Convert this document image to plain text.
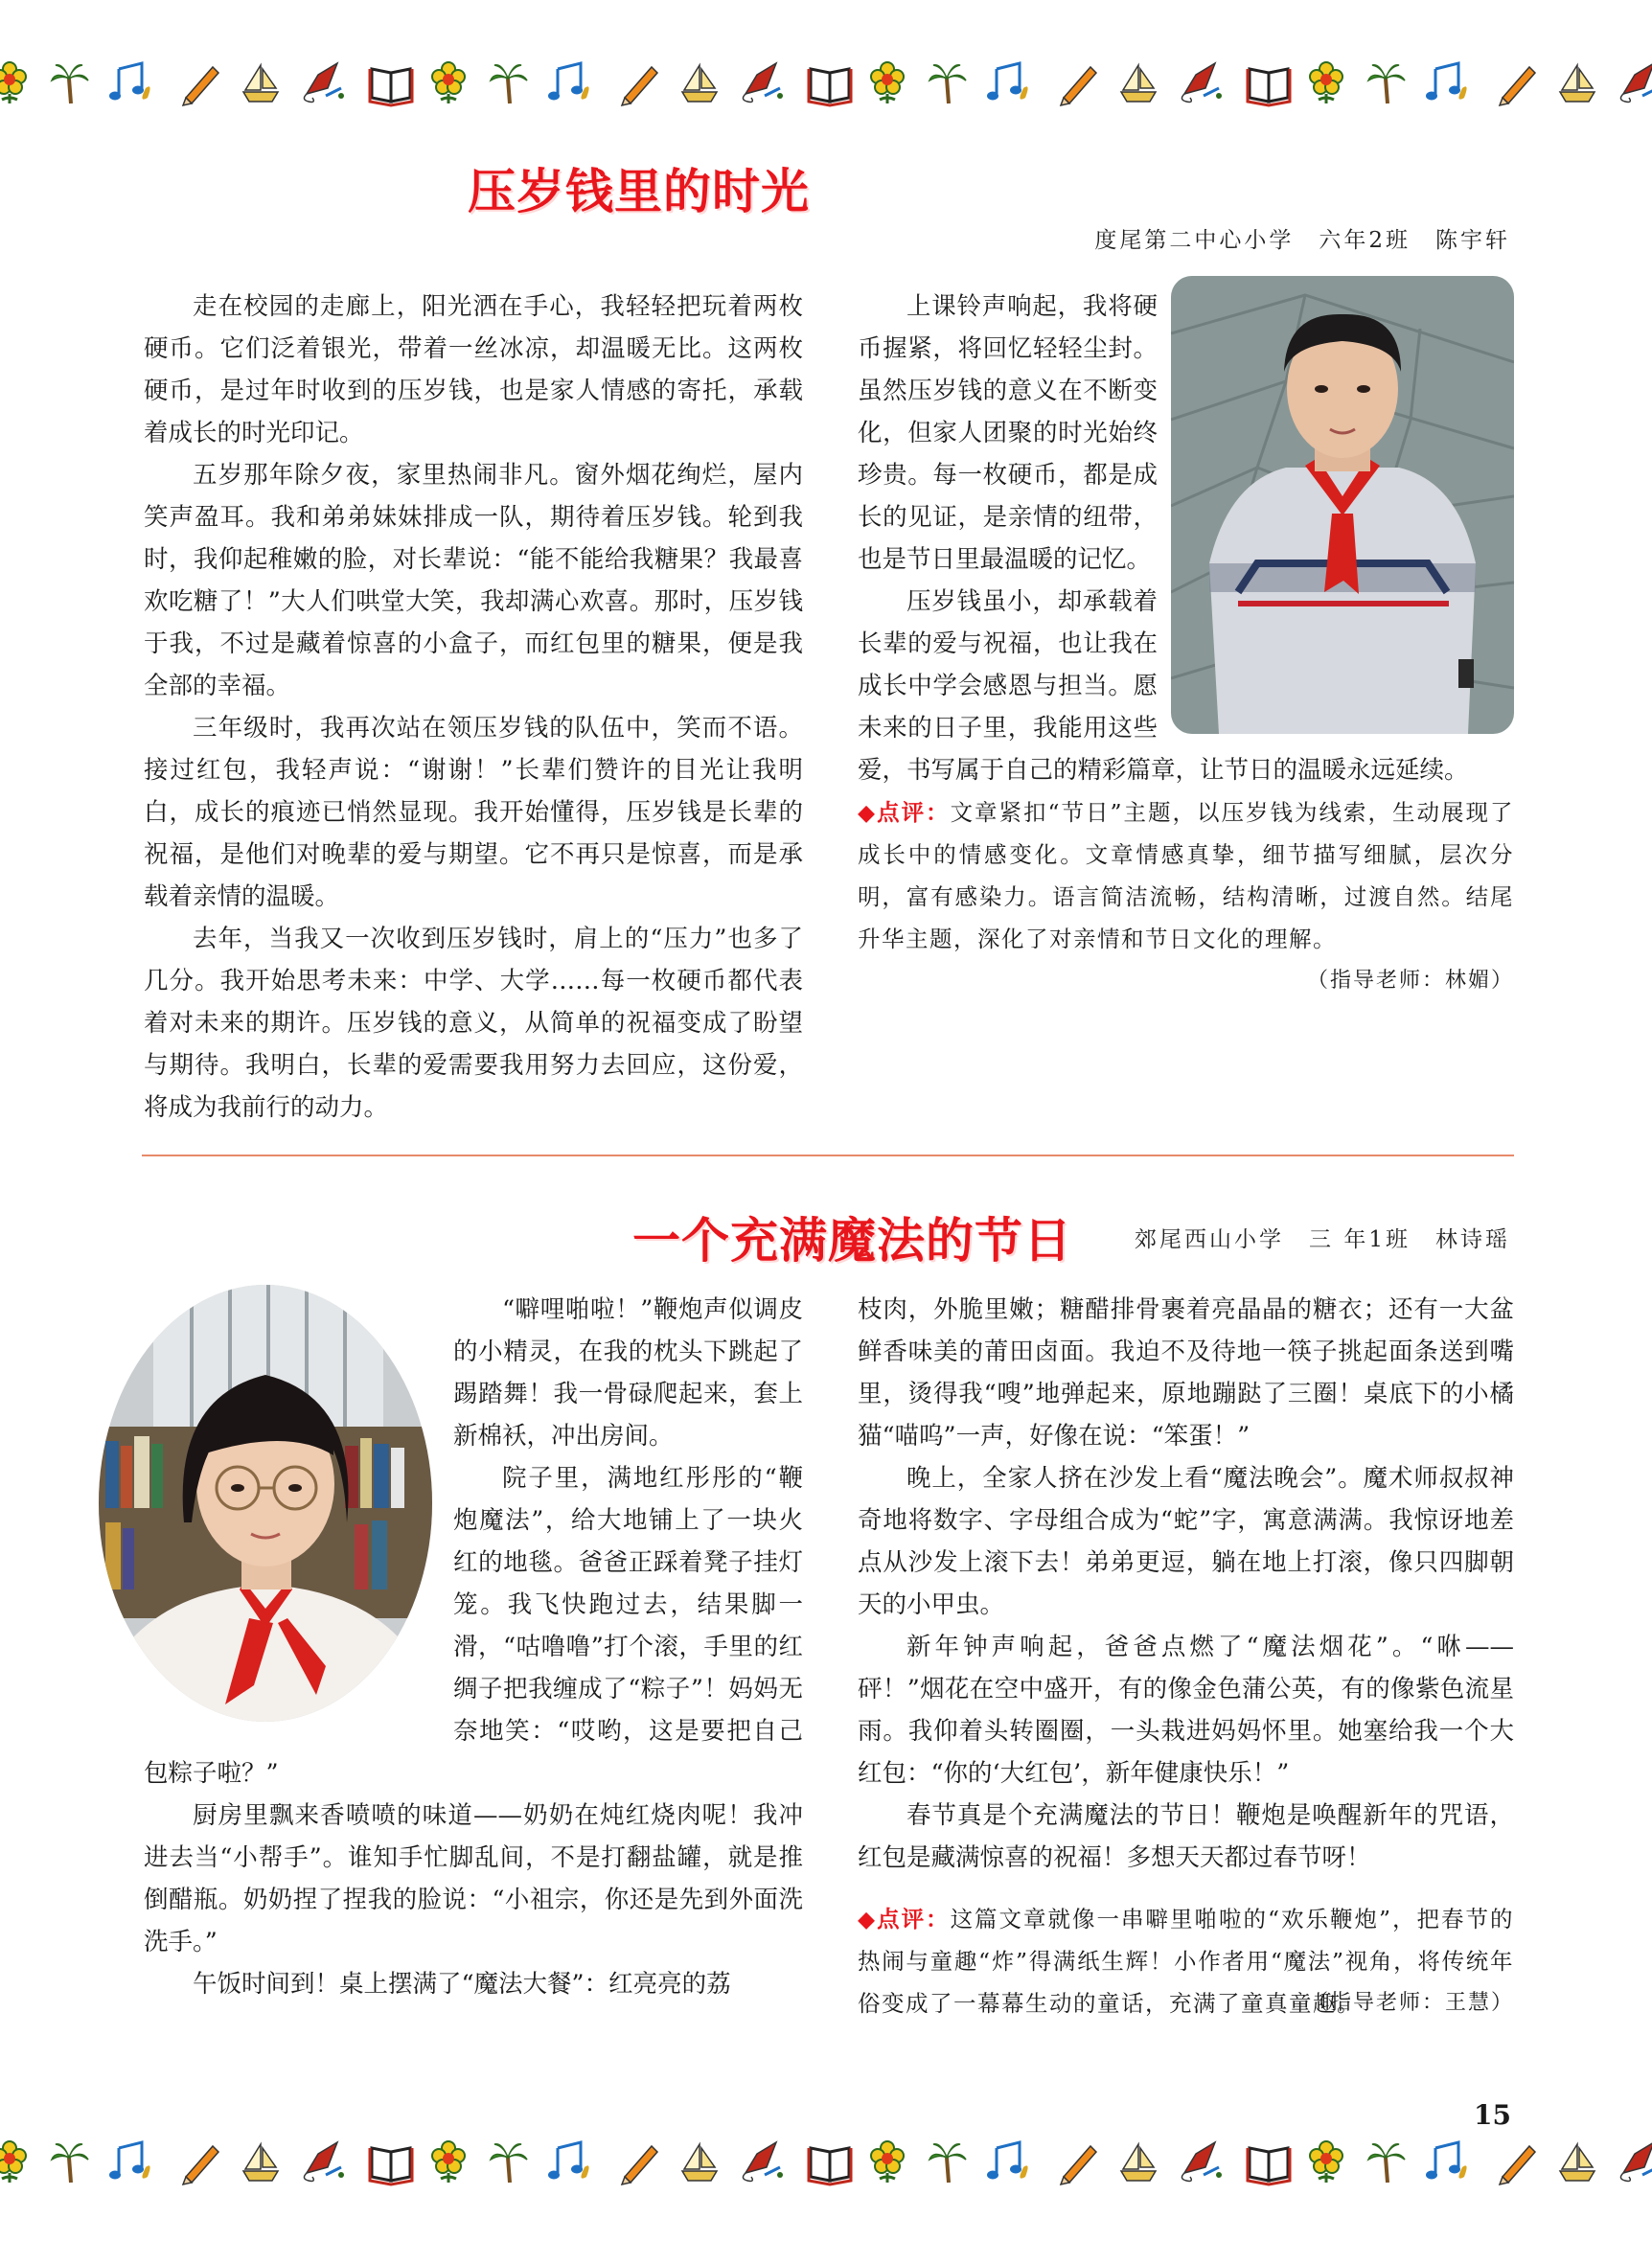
压岁钱里的时光
度尾第二中心小学　六年2班　陈宇轩

走在校园的走廊上，阳光洒在手心，我轻轻把玩着两枚硬币。它们泛着银光，带着一丝冰凉，却温暖无比。这两枚硬币，是过年时收到的压岁钱，也是家人情感的寄托，承载着成长的时光印记。

五岁那年除夕夜，家里热闹非凡。窗外烟花绚烂，屋内笑声盈耳。我和弟弟妹妹排成一队，期待着压岁钱。轮到我时，我仰起稚嫩的脸，对长辈说：“能不能给我糖果？我最喜欢吃糖了！”大人们哄堂大笑，我却满心欢喜。那时，压岁钱于我，不过是藏着惊喜的小盒子，而红包里的糖果，便是我全部的幸福。

三年级时，我再次站在领压岁钱的队伍中，笑而不语。接过红包，我轻声说：“谢谢！”长辈们赞许的目光让我明白，成长的痕迹已悄然显现。我开始懂得，压岁钱是长辈的祝福，是他们对晚辈的爱与期望。它不再只是惊喜，而是承载着亲情的温暖。

去年，当我又一次收到压岁钱时，肩上的“压力”也多了几分。我开始思考未来：中学、大学……每一枚硬币都代表着对未来的期许。压岁钱的意义，从简单的祝福变成了盼望与期待。我明白，长辈的爱需要我用努力去回应，这份爱，将成为我前行的动力。

上课铃声响起，我将硬币握紧，将回忆轻轻尘封。虽然压岁钱的意义在不断变化，但家人团聚的时光始终珍贵。每一枚硬币，都是成长的见证，是亲情的纽带，也是节日里最温暖的记忆。

压岁钱虽小，却承载着长辈的爱与祝福，也让我在成长中学会感恩与担当。愿未来的日子里，我能用这些爱，书写属于自己的精彩篇章，让节日的温暖永远延续。

◆点评：文章紧扣“节日”主题，以压岁钱为线索，生动展现了成长中的情感变化。文章情感真挚，细节描写细腻，层次分明，富有感染力。语言简洁流畅，结构清晰，过渡自然。结尾升华主题，深化了对亲情和节日文化的理解。
（指导老师：林媚）
一个充满魔法的节日	郊尾西山小学　三 年1班　林诗瑶

“噼哩啪啦！”鞭炮声似调皮的小精灵，在我的枕头下跳起了踢踏舞！我一骨碌爬起来，套上新棉袄，冲出房间。

院子里，满地红彤彤的“鞭炮魔法”，给大地铺上了一块火红的地毯。爸爸正踩着凳子挂灯笼。我飞快跑过去，结果脚一滑，“咕噜噜”打个滚，手里的红绸子把我缠成了“粽子”！妈妈无奈地笑：“哎哟，这是要把自己包粽子啦？”

厨房里飘来香喷喷的味道——奶奶在炖红烧肉呢！我冲进去当“小帮手”。谁知手忙脚乱间，不是打翻盐罐，就是推倒醋瓶。奶奶捏了捏我的脸说：“小祖宗，你还是先到外面洗洗手。”

午饭时间到！桌上摆满了“魔法大餐”：红亮亮的荔

枝肉，外脆里嫩；糖醋排骨裹着亮晶晶的糖衣；还有一大盆鲜香味美的莆田卤面。我迫不及待地一筷子挑起面条送到嘴里，烫得我“嗖”地弹起来，原地蹦跶了三圈！桌底下的小橘猫“喵呜”一声，好像在说：“笨蛋！”

晚上，全家人挤在沙发上看“魔法晚会”。魔术师叔叔神奇地将数字、字母组合成为“蛇”字，寓意满满。我惊讶地差点从沙发上滚下去！弟弟更逗，躺在地上打滚，像只四脚朝天的小甲虫。

新年钟声响起，爸爸点燃了“魔法烟花”。“咻——砰！”烟花在空中盛开，有的像金色蒲公英，有的像紫色流星雨。我仰着头转圈圈，一头栽进妈妈怀里。她塞给我一个大红包：“你的‘大红包’，新年健康快乐！”

春节真是个充满魔法的节日！鞭炮是唤醒新年的咒语，红包是藏满惊喜的祝福！多想天天都过春节呀！

◆点评：这篇文章就像一串噼里啪啦的“欢乐鞭炮”，把春节的热闹与童趣“炸”得满纸生辉！小作者用“魔法”视角，将传统年俗变成了一幕幕生动的童话，充满了童真童趣。
（指导老师：王慧）
15
